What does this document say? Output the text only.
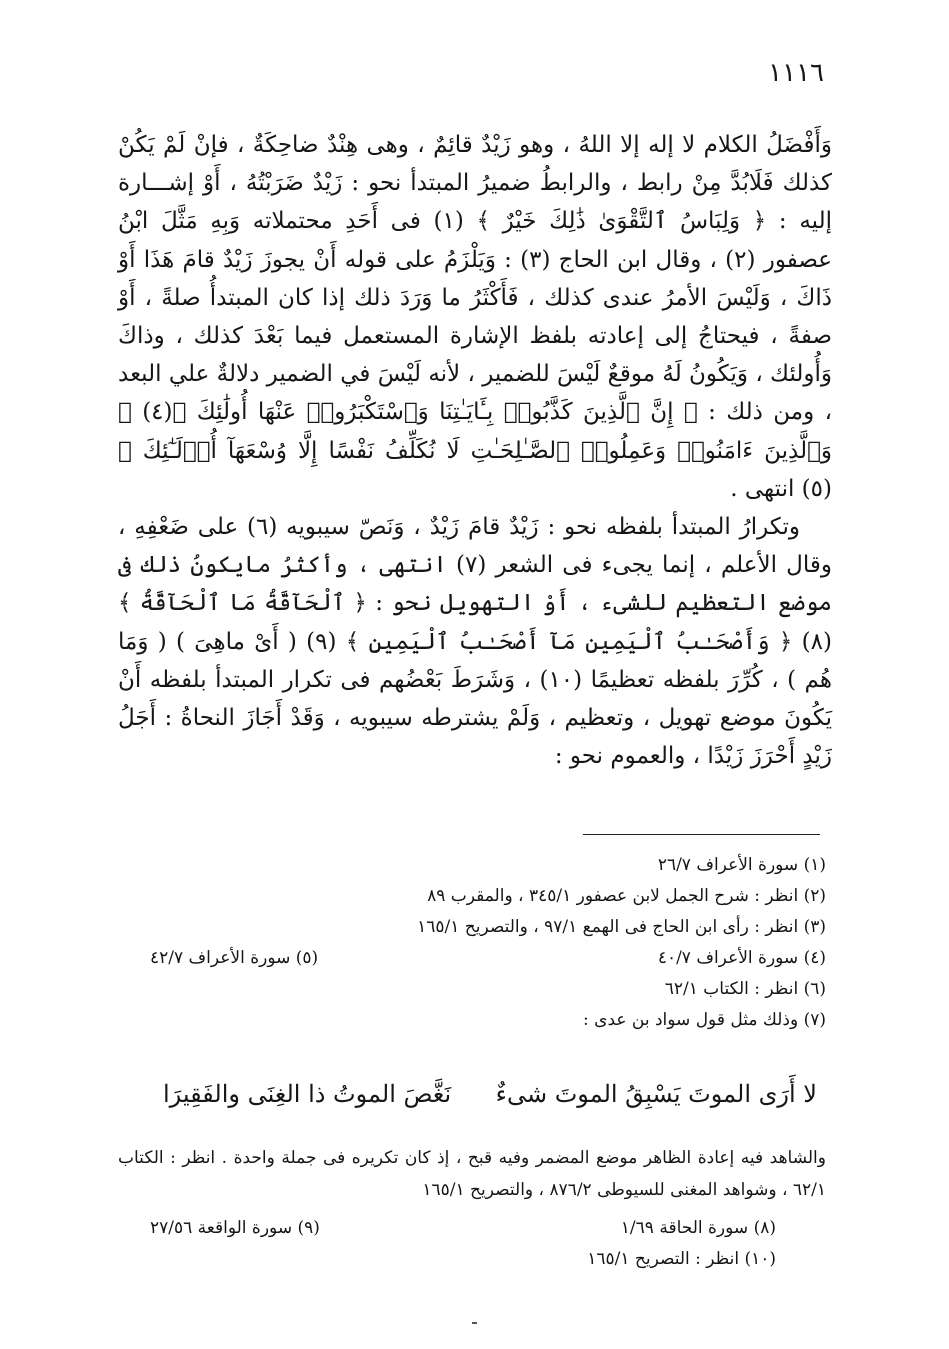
١١١٦

وَأَفْضَلُ الكلام لا إله إلا اللهُ ، وهو زَيْدٌ قائِمٌ ، وهى هِنْدٌ ضاحِكَةٌ ، فإنْ لَمْ يَكُنْ كذلك فَلَابُدَّ مِنْ رابط ، والرابطُ ضميرُ المبتدأ نحو : زَيْدٌ ضَرَبْتُهُ ، أَوْ إشـــارة إليه : ﴿ وَلِبَاسُ ٱلتَّقْوَىٰ ذَٰلِكَ خَيْرٌ ﴾ (١) فى أَحَدِ محتملاته وَبِهِ مَثَّلَ ابْنُ عصفور (٢) ، وقال ابن الحاج (٣) : وَيَلْزَمُ على قوله أَنْ يجوزَ زَيْدٌ قامَ هَذَا أَوْ ذَاكَ ، وَلَيْسَ الأمرُ عندى كذلك ، فَأَكْثَرُ ما وَرَدَ ذلك إذا كان المبتدأُ صلةً ، أَوْ صفةً ، فيحتاجُ إلى إعادته بلفظ الإشارة المستعمل فيما بَعْدَ كذلك ، وذاكَ وَأُولئك ، وَيَكُونُ لَهُ موقعٌ لَيْسَ للضمير ، لأنه لَيْسَ في الضمير دلالةٌ علي البعد ، ومن ذلك : ﴿ إِنَّ ٱلَّذِينَ كَذَّبُوا۟ بِـَٔايَـٰتِنَا وَٱسْتَكْبَرُوا۟ عَنْهَا أُولَٰئِكَ ﴾(٤) ﴿ وَٱلَّذِينَ ءَامَنُوا۟ وَعَمِلُوا۟ ٱلصَّـٰلِحَـٰتِ لَا نُكَلِّفُ نَفْسًا إِلَّا وُسْعَهَآ أُو۟لَـٰٓئِكَ ﴾ (٥) انتهى .

وتكرارُ المبتدأ بلفظه نحو : زَيْدٌ قامَ زَيْدٌ ، وَنَصّ سيبويه (٦) على ضَعْفِهِ ، وقال الأعلم ، إنما يجىء فى الشعر (٧) انتهى ، وأكثرُ مايكونُ ذلك فى موضع التعظيم للشىء ، أَوْ التهويل نحو : ﴿ ٱلْحَآقَّةُ مَا ٱلْحَآقَّةُ ﴾ (٨) ﴿ وَأَصْحَـٰبُ ٱلْيَمِينِ مَآ أَصْحَـٰبُ ٱلْيَمِينِ ﴾ (٩) ( أَىْ ماهِىَ ) ( وَمَا هُم ) ، كُرِّرَ بلفظه تعظيمًا (١٠) ، وَشَرَطَ بَعْضُهم فى تكرار المبتدأ بلفظه أَنْ يَكُونَ موضع تهويل ، وتعظيم ، وَلَمْ يشترطه سيبويه ، وَقَدْ أَجَازَ النحاةُ : أَجَلُ زَيْدٍ أَحْرَزَ زَيْدًا ، والعموم نحو :

(١) سورة الأعراف ٢٦/٧
(٢) انظر : شرح الجمل لابن عصفور ٣٤٥/١ ، والمقرب ٨٩
(٣) انظر : رأى ابن الحاج فى الهمع ٩٧/١ ، والتصريح ١٦٥/١
(٤) سورة الأعراف ٤٠/٧
(٥) سورة الأعراف ٤٢/٧
(٦) انظر : الكتاب ٦٢/١
(٧) وذلك مثل قول سواد بن عدى :
لا أَرَى الموتَ يَسْبِقُ الموتَ شىءٌ
نَغَّصَ الموتُ ذا الغِنَى والفَقِيرَا
والشاهد فيه إعادة الظاهر موضع المضمر وفيه قبح ، إذ كان تكريره فى جملة واحدة . انظر : الكتاب ٦٢/١ ، وشواهد المغنى للسيوطى ٨٧٦/٢ ، والتصريح ١٦٥/١
(٨) سورة الحاقة ١/٦٩
(٩) سورة الواقعة ٢٧/٥٦
(١٠) انظر : التصريح ١٦٥/١
